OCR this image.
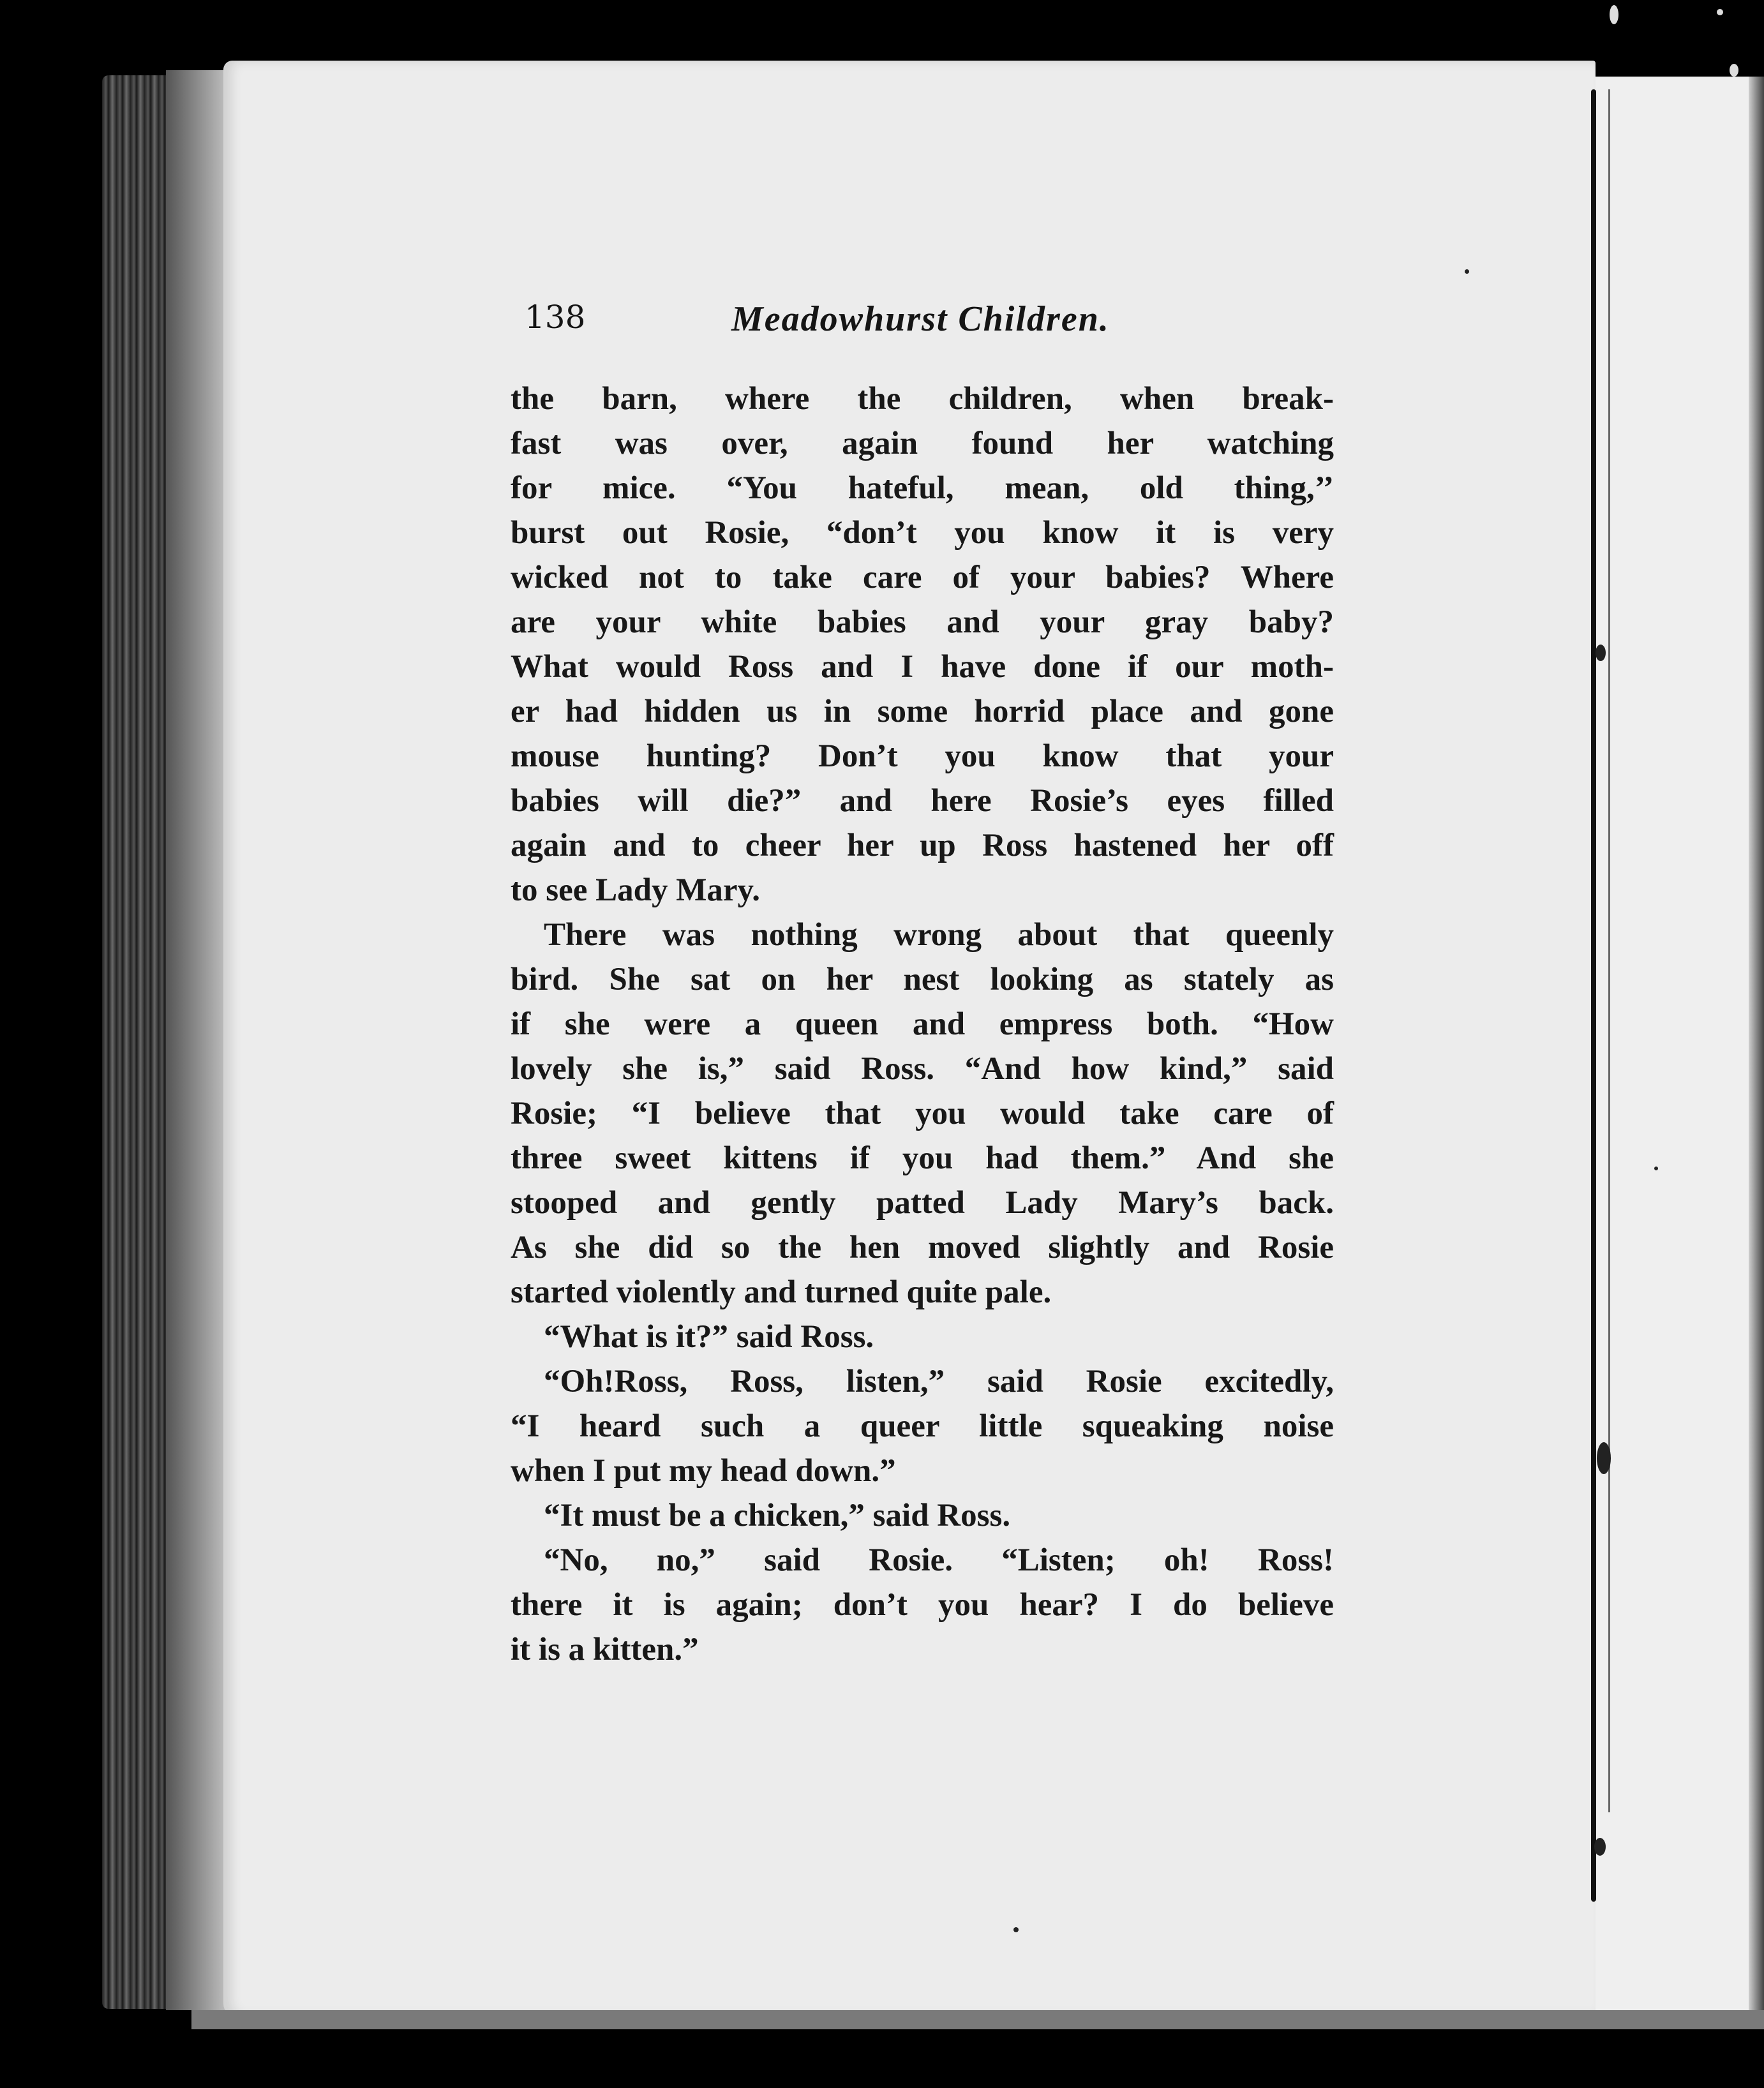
138	Meadowhurst Children.
the barn, where the children, when break-
fast was over, again found her watching
for mice. “You hateful, mean, old thing,’’
burst out Rosie, “don’t you know it is very
wicked not to take care of your babies? Where
are your white babies and your gray baby?
What would Ross and I have done if our moth-
er had hidden us in some horrid place and gone
mouse hunting? Don’t you know that your
babies will die?” and here Rosie’s eyes filled
again and to cheer her up Ross hastened her off
to see Lady Mary.
There was nothing wrong about that queenly
bird. She sat on her nest looking as stately as
if she were a queen and empress both. “How
lovely she is,” said Ross. “And how kind,” said
Rosie; “I believe that you would take care of
three sweet kittens if you had them.” And she
stooped and gently patted Lady Mary’s back.
As she did so the hen moved slightly and Rosie
started violently and turned quite pale.
“What is it?” said Ross.
“Oh!Ross, Ross, listen,” said Rosie excitedly,
“I heard such a queer little squeaking noise
when I put my head down.”
“It must be a chicken,” said Ross.
“No, no,” said Rosie. “Listen; oh! Ross!
there it is again; don’t you hear? I do believe
it is a kitten.”
